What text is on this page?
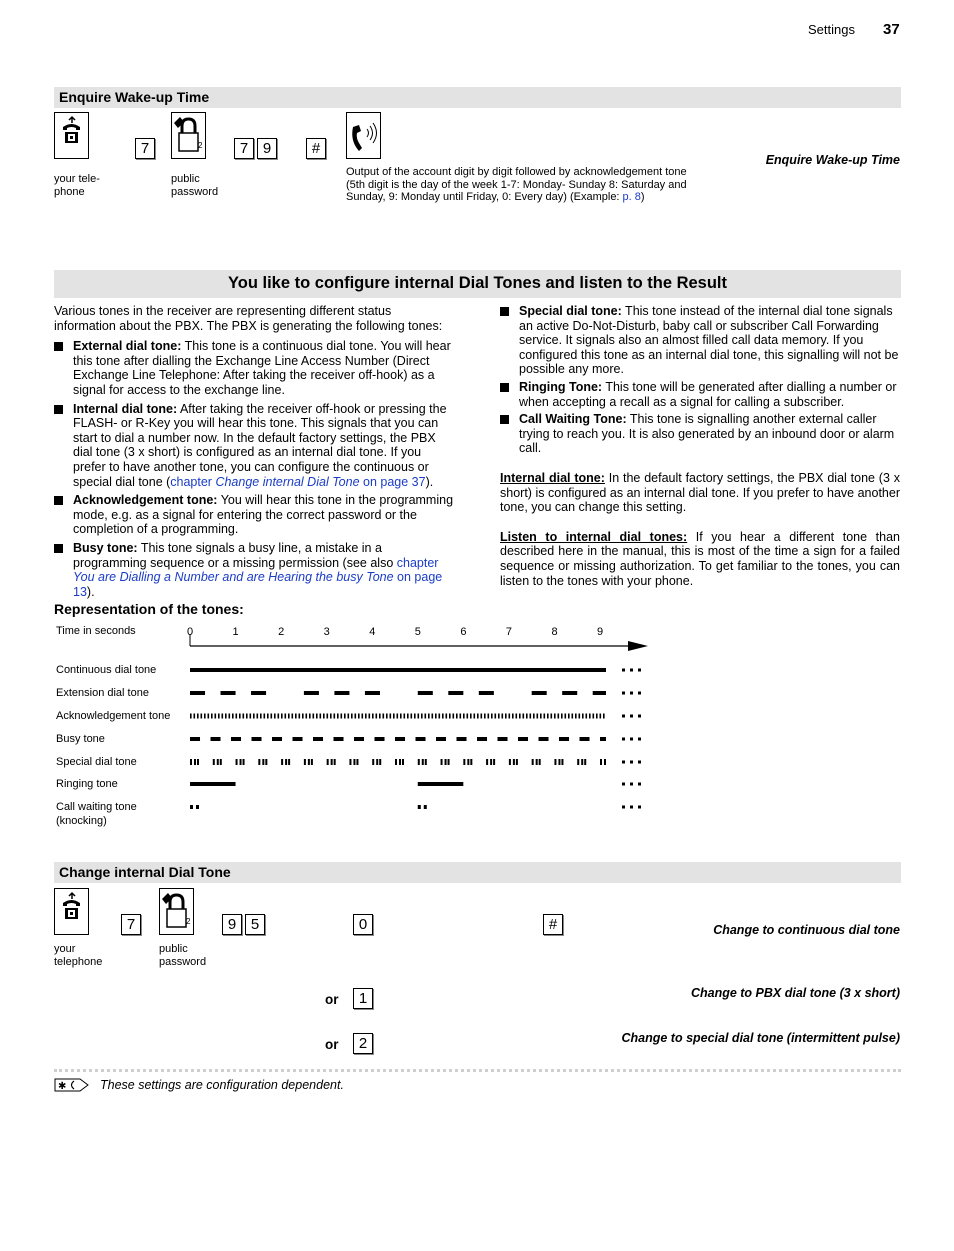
Settings 37
Enquire Wake-up Time
your tele-
phone
7	2
public
password
7 9	#
Output of the account digit by digit followed by acknowledgement tone (5th digit is the day of the week 1-7: Monday- Sunday 8: Saturday and Sunday, 9: Monday until Friday, 0: Every day) (Example: p. 8)
Enquire Wake-up Time
You like to configure internal Dial Tones and listen to the Result
Various tones in the receiver are representing different status information about the PBX. The PBX is generating the following tones:
External dial tone: This tone is a continuous dial tone. You will hear this tone after dialling the Exchange Line Access Number (Direct Exchange Line Telephone: After taking the receiver off-hook) as a signal for access to the exchange line.
Internal dial tone: After taking the receiver off-hook or pressing the FLASH- or R-Key you will hear this tone. This signals that you can start to dial a number now. In the default factory settings, the PBX dial tone (3 x short) is configured as an internal dial tone. If you prefer to have another tone, you can configure the continuous or special dial tone (chapter Change internal Dial Tone on page 37).
Acknowledgement tone: You will hear this tone in the programming mode, e.g. as a signal for entering the correct password or the completion of a programming.
Busy tone: This tone signals a busy line, a mistake in a programming sequence or a missing permission (see also chapter You are Dialling a Number and are Hearing the busy Tone on page 13).
Special dial tone: This tone instead of the internal dial tone signals an active Do-Not-Disturb, baby call or subscriber Call Forwarding service. It signals also an almost filled call data memory. If you configured this tone as an internal dial tone, this signalling will not be possible any more.
Ringing Tone: This tone will be generated after dialling a number or when accepting a recall as a signal for calling a subscriber.
Call Waiting Tone: This tone is signalling another external caller trying to reach you. It is also generated by an inbound door or alarm call.
Internal dial tone: In the default factory settings, the PBX dial tone (3 x short) is configured as an internal dial tone. If you prefer to have another tone, you can change this setting.
Listen to internal dial tones: If you hear a different tone than described here in the manual, this is most of the time a sign for a failed sequence or missing authorization. To get familiar to the tones, you can listen to the tones with your phone.
Representation of the tones:
Time in seconds	0	1	2	3	4	5	6	7	8	9
Continuous dial tone
Extension dial tone
Acknowledgement tone
Busy tone
Special dial tone
Ringing tone
Call waiting tone (knocking)
Change internal Dial Tone
your
telephone
7	2
public
password
9 5	0	#	Change to continuous dial tone
or	1	Change to PBX dial tone (3 x short)
or	2	Change to special dial tone (intermittent pulse)
✱	These settings are configuration dependent.
